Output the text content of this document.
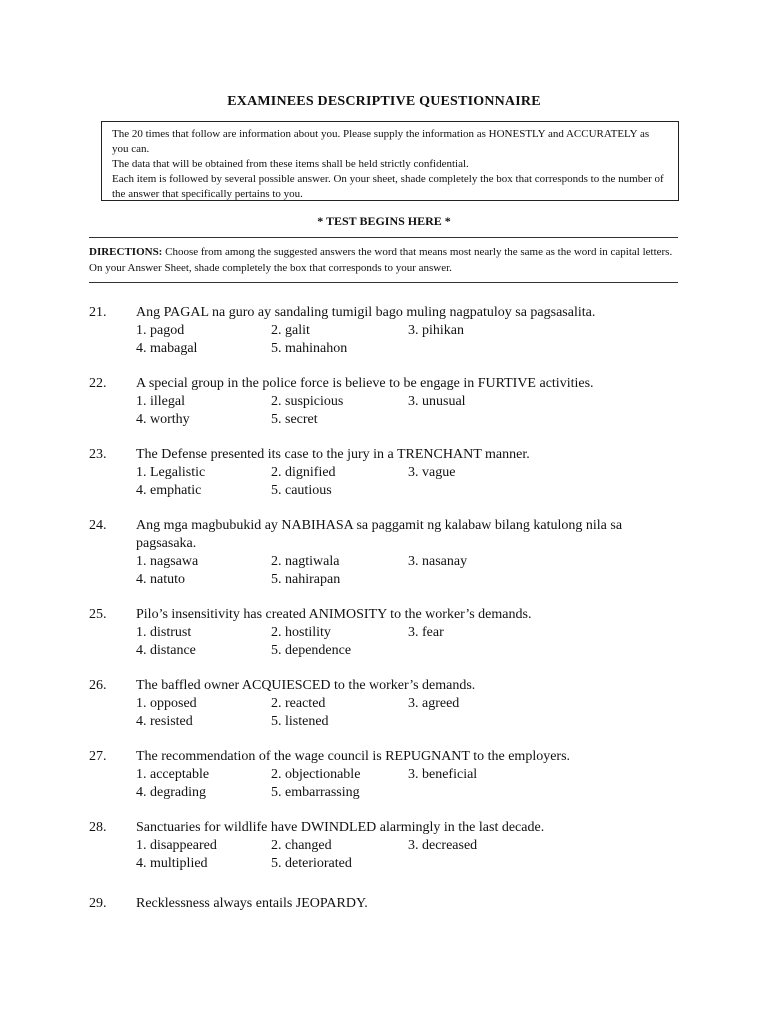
EXAMINEES DESCRIPTIVE QUESTIONNAIRE
The 20 times that follow are information about you. Please supply the information as HONESTLY and ACCURATELY as you can.
The data that will be obtained from these items shall be held strictly confidential.
Each item is followed by several possible answer. On your sheet, shade completely the box that corresponds to the number of the answer that specifically pertains to you.
* TEST BEGINS HERE *
DIRECTIONS: Choose from among the suggested answers the word that means most nearly the same as the word in capital letters. On your Answer Sheet, shade completely the box that corresponds to your answer.
21.	Ang PAGAL na guro ay sandaling tumigil bago muling nagpatuloy sa pagsasalita.
1. pagod	2. galit	3. pihikan
4. mabagal	5. mahinahon
22.	A special group in the police force is believe to be engage in FURTIVE activities.
1. illegal	2. suspicious	3. unusual
4. worthy	5. secret
23.	The Defense presented its case to the jury in a TRENCHANT manner.
1. Legalistic	2. dignified	3. vague
4. emphatic	5. cautious
24.	Ang mga magbubukid ay NABIHASA sa paggamit ng kalabaw bilang katulong nila sa pagsasaka.
1. nagsawa	2. nagtiwala	3. nasanay
4. natuto	5. nahirapan
25.	Pilo’s insensitivity has created ANIMOSITY to the worker’s demands.
1. distrust	2. hostility	3. fear
4. distance	5. dependence
26.	The baffled owner ACQUIESCED to the worker’s demands.
1. opposed	2. reacted	3. agreed
4. resisted	5. listened
27.	The recommendation of the wage council is REPUGNANT to the employers.
1. acceptable	2. objectionable	3. beneficial
4. degrading	5. embarrassing
28.	Sanctuaries for wildlife have DWINDLED alarmingly in the last decade.
1. disappeared	2. changed	3. decreased
4. multiplied	5. deteriorated
29.	Recklessness always entails JEOPARDY.
